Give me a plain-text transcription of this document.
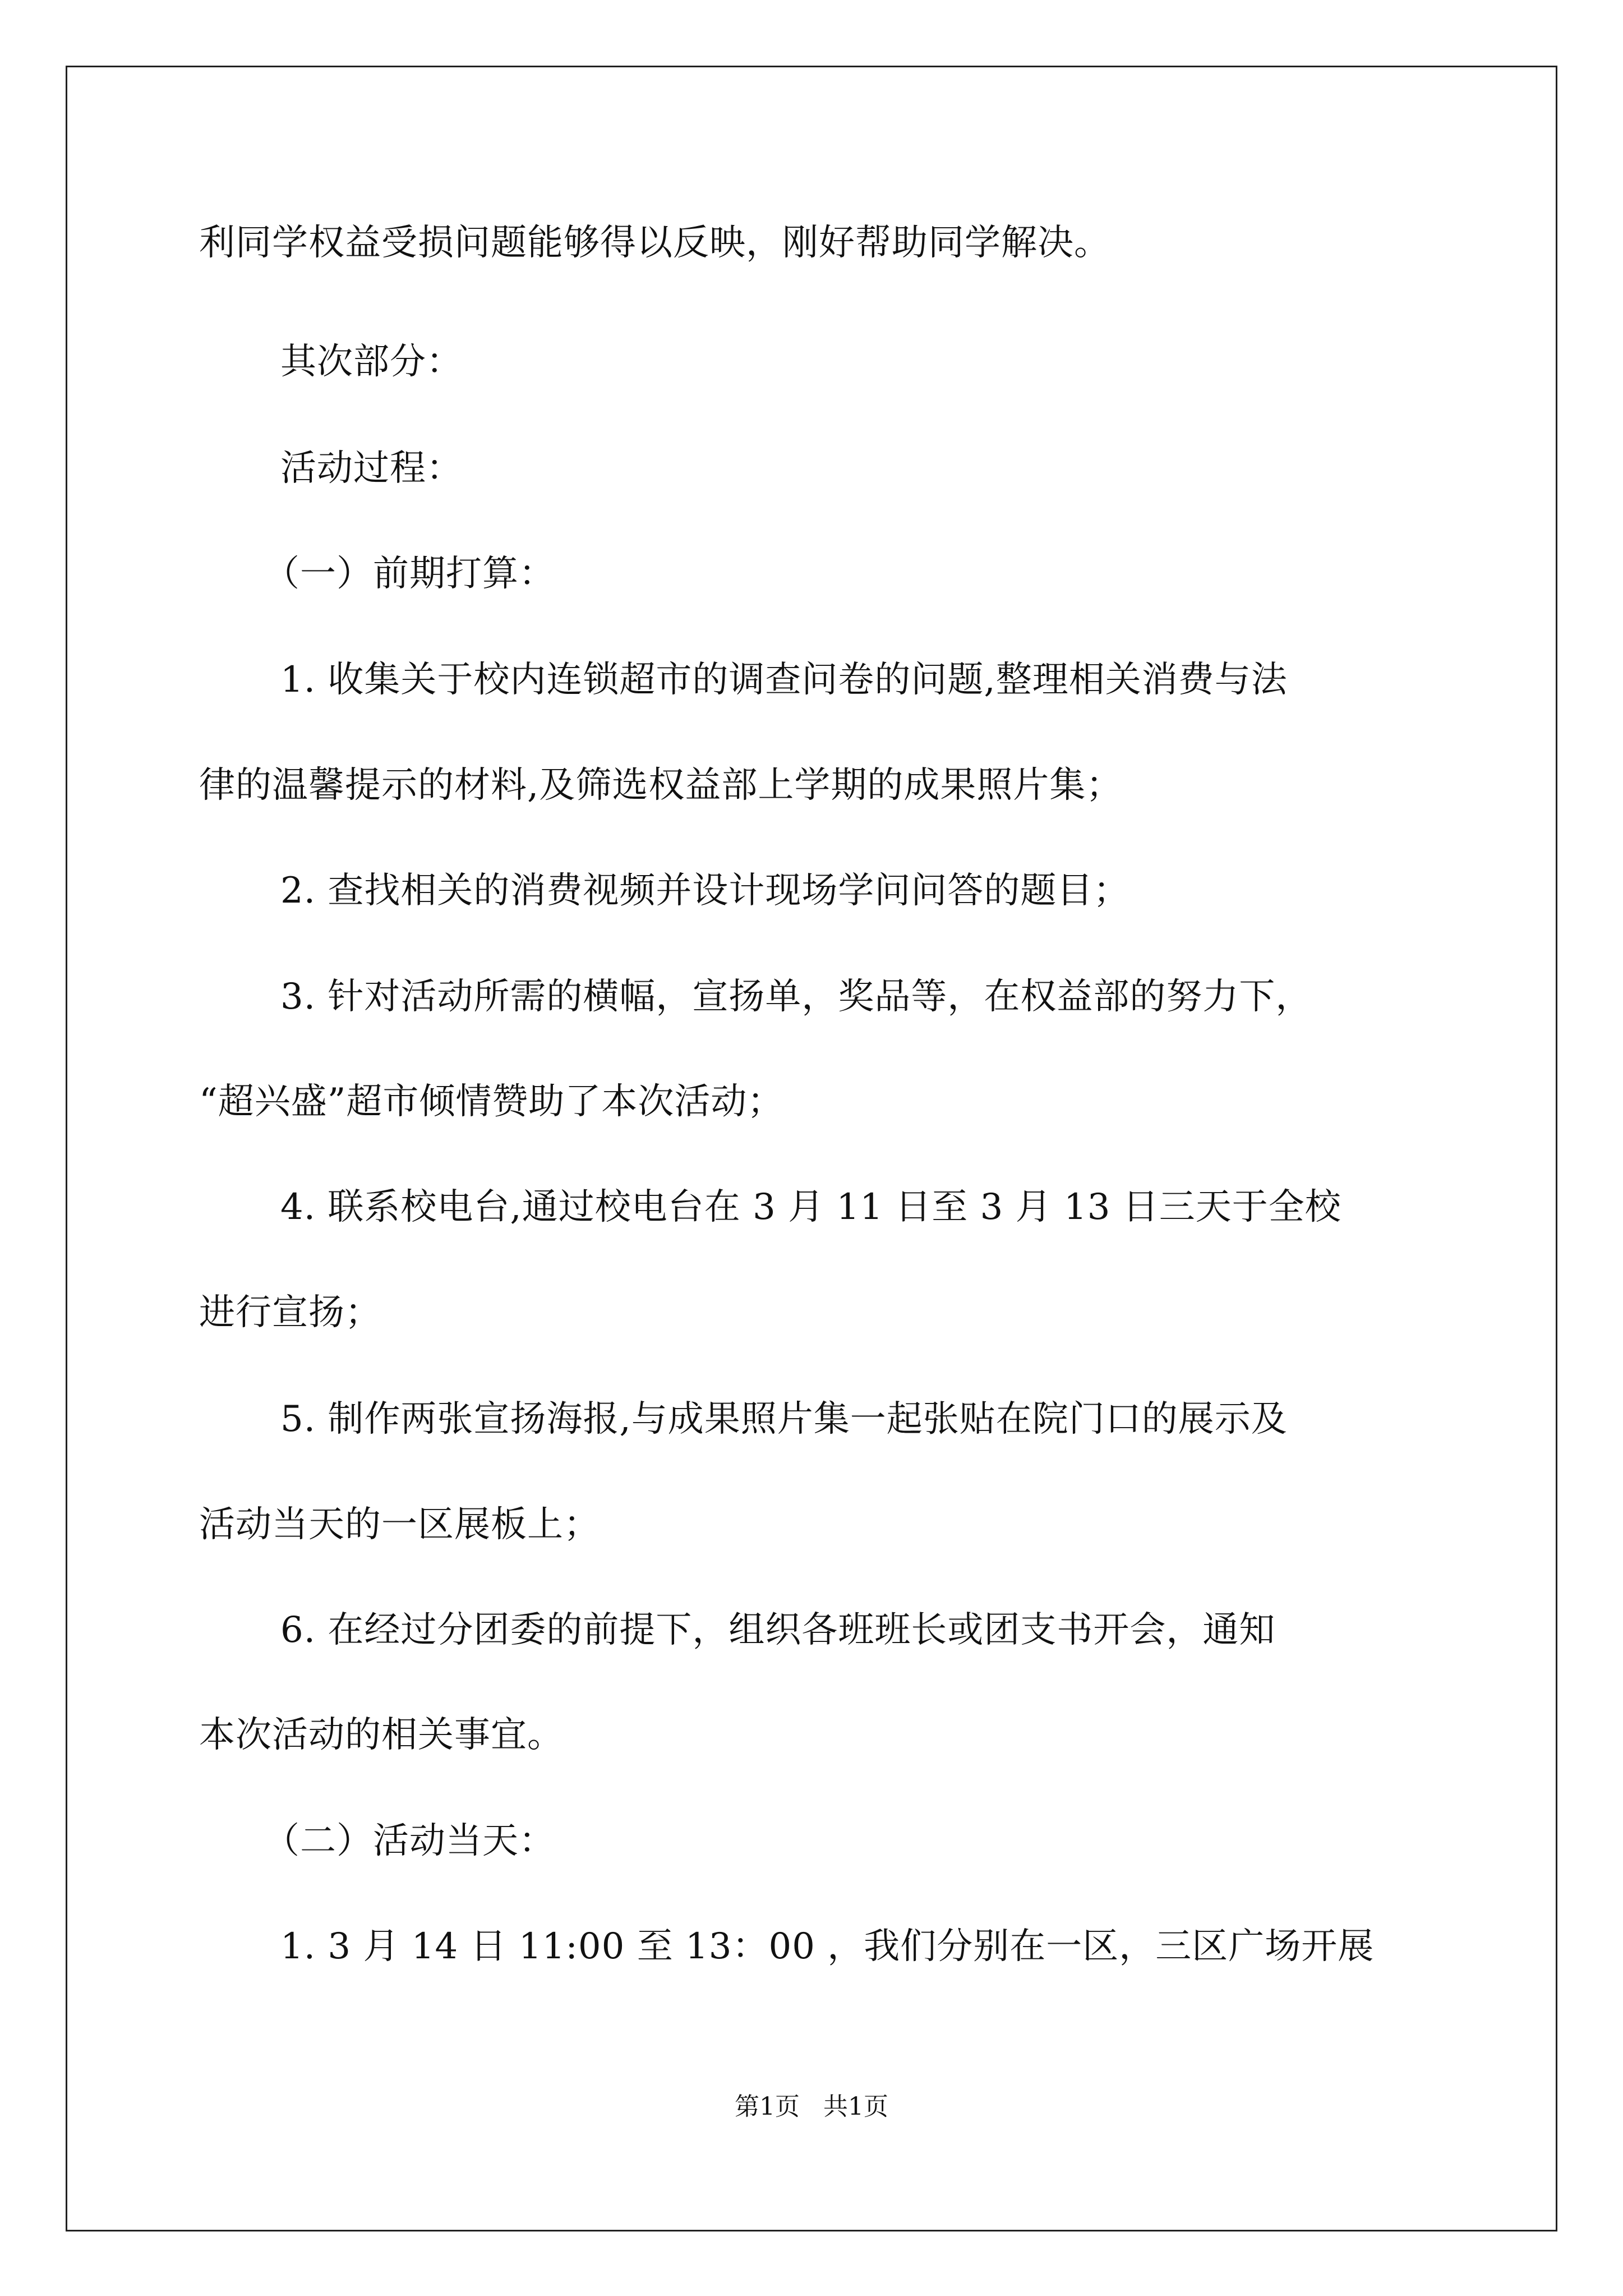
利同学权益受损问题能够得以反映，刚好帮助同学解决。

其次部分：

活动过程：

（一）前期打算：

1. 收集关于校内连锁超市的调查问卷的问题,整理相关消费与法

律的温馨提示的材料,及筛选权益部上学期的成果照片集；

2. 查找相关的消费视频并设计现场学问问答的题目；

3. 针对活动所需的横幅，宣扬单，奖品等，在权益部的努力下，

“超兴盛”超市倾情赞助了本次活动；

4. 联系校电台,通过校电台在 3 月 11 日至 3 月 13 日三天于全校

进行宣扬；

5. 制作两张宣扬海报,与成果照片集一起张贴在院门口的展示及

活动当天的一区展板上；

6. 在经过分团委的前提下，组织各班班长或团支书开会，通知

本次活动的相关事宜。

（二）活动当天：

1. 3 月 14 日 11:00 至 13：00 ，我们分别在一区，三区广场开展

第1页   共1页
